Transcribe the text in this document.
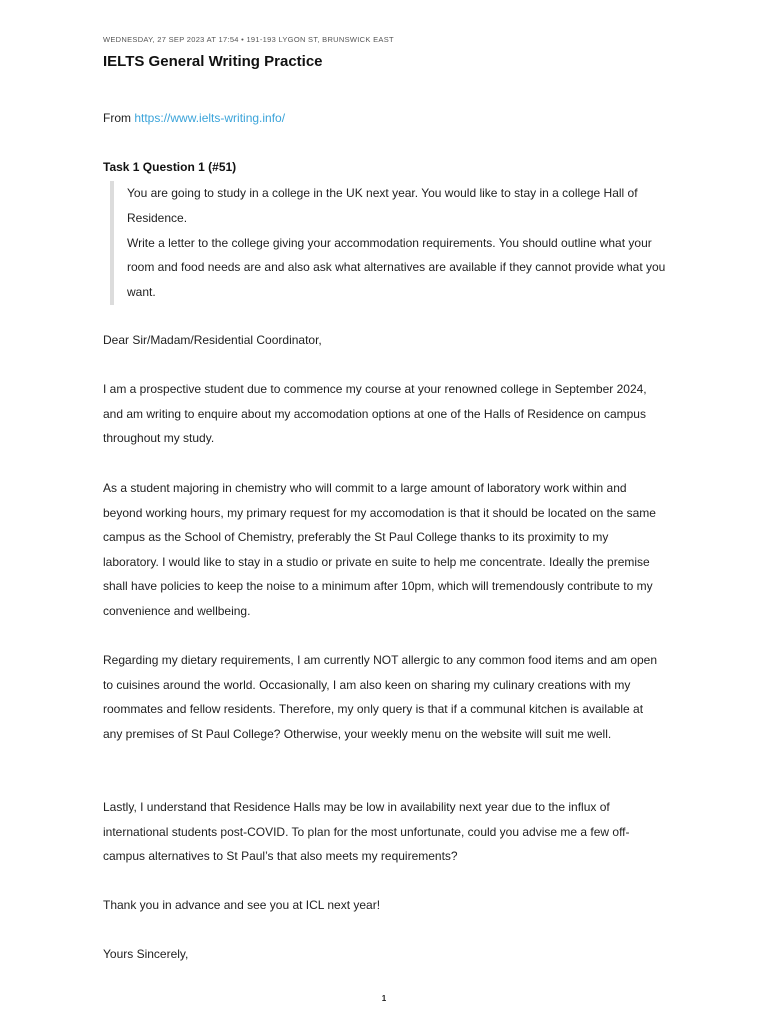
WEDNESDAY, 27 SEP 2023 AT 17:54 • 191-193 LYGON ST, BRUNSWICK EAST
IELTS General Writing Practice
From https://www.ielts-writing.info/
Task 1 Question 1 (#51)

You are going to study in a college in the UK next year. You would like to stay in a college Hall of Residence.

Write a letter to the college giving your accommodation requirements. You should outline what your room and food needs are and also ask what alternatives are available if they cannot provide what you want.

Dear Sir/Madam/Residential Coordinator,

I am a prospective student due to commence my course at your renowned college in September 2024, and am writing to enquire about my accomodation options at one of the Halls of Residence on campus throughout my study.

As a student majoring in chemistry who will commit to a large amount of laboratory work within and beyond working hours, my primary request for my accomodation is that it should be located on the same campus as the School of Chemistry, preferably the St Paul College thanks to its proximity to my laboratory. I would like to stay in a studio or private en suite to help me concentrate. Ideally the premise shall have policies to keep the noise to a minimum after 10pm, which will tremendously contribute to my convenience and wellbeing.

Regarding my dietary requirements, I am currently NOT allergic to any common food items and am open to cuisines around the world. Occasionally, I am also keen on sharing my culinary creations with my roommates and fellow residents. Therefore, my only query is that if a communal kitchen is available at any premises of St Paul College? Otherwise, your weekly menu on the website will suit me well.

Lastly, I understand that Residence Halls may be low in availability next year due to the influx of international students post-COVID. To plan for the most unfortunate, could you advise me a few off-campus alternatives to St Paul’s that also meets my requirements?

Thank you in advance and see you at ICL next year!

Yours Sincerely,

1
